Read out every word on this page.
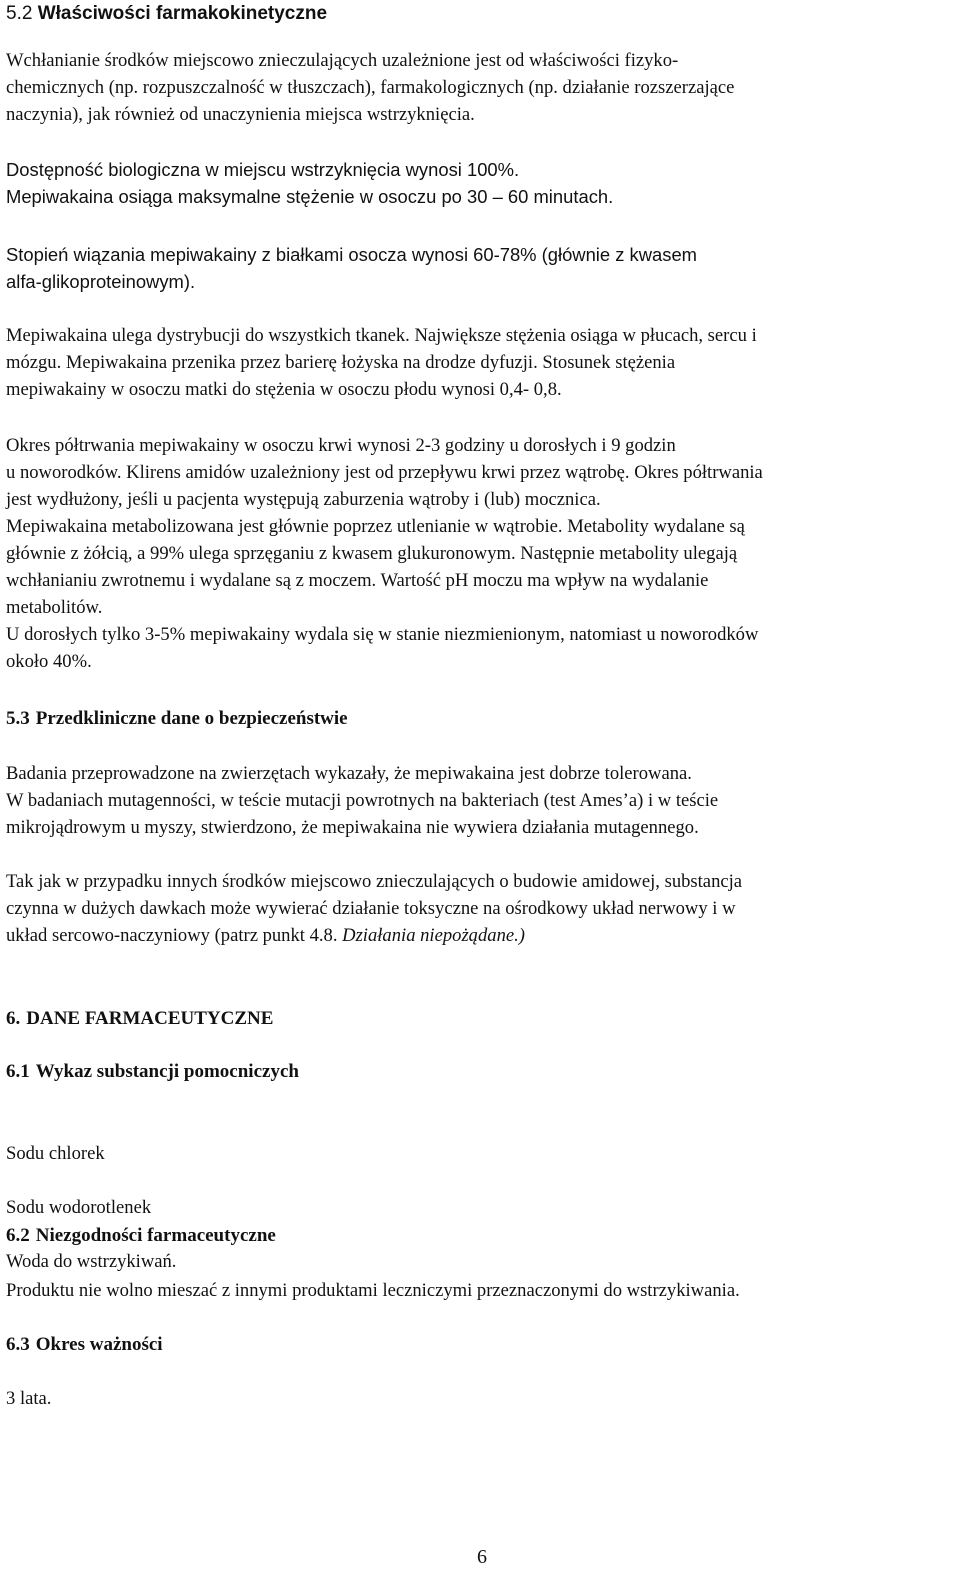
5.2 Właściwości farmakokinetyczne

Wchłanianie środków miejscowo znieczulających uzależnione jest od właściwości fizyko-
chemicznych (np. rozpuszczalność w tłuszczach), farmakologicznych (np. działanie rozszerzające
naczynia), jak również od unaczynienia miejsca wstrzyknięcia.

Dostępność biologiczna w miejscu wstrzyknięcia wynosi 100%.
Mepiwakaina osiąga maksymalne stężenie w osoczu po 30 – 60 minutach.

Stopień wiązania mepiwakainy z białkami osocza wynosi 60-78% (głównie z kwasem
alfa-glikoproteinowym).

Mepiwakaina ulega dystrybucji do wszystkich tkanek. Największe stężenia osiąga w płucach, sercu i
mózgu. Mepiwakaina przenika przez barierę łożyska na drodze dyfuzji. Stosunek stężenia
mepiwakainy w osoczu matki do stężenia w osoczu płodu wynosi 0,4- 0,8.

Okres półtrwania mepiwakainy w osoczu krwi wynosi 2-3 godziny u dorosłych i 9 godzin
u noworodków. Klirens amidów uzależniony jest od przepływu krwi przez wątrobę. Okres półtrwania
jest wydłużony, jeśli u pacjenta występują zaburzenia wątroby i (lub) mocznica.
Mepiwakaina metabolizowana jest głównie poprzez utlenianie w wątrobie. Metabolity wydalane są
głównie z żółcią, a 99% ulega sprzęganiu z kwasem glukuronowym. Następnie metabolity ulegają
wchłanianiu zwrotnemu i wydalane są z moczem. Wartość pH moczu ma wpływ na wydalanie
metabolitów.
U dorosłych tylko 3-5% mepiwakainy wydala się w stanie niezmienionym, natomiast u noworodków
około 40%.

5.3 Przedkliniczne dane o bezpieczeństwie

Badania przeprowadzone na zwierzętach wykazały, że mepiwakaina jest dobrze tolerowana.
W badaniach mutagenności, w teście mutacji powrotnych na bakteriach (test Ames’a) i w teście
mikrojądrowym u myszy, stwierdzono, że mepiwakaina nie wywiera działania mutagennego.

Tak jak w przypadku innych środków miejscowo znieczulających o budowie amidowej, substancja
czynna w dużych dawkach może wywierać działanie toksyczne na ośrodkowy układ nerwowy i w
układ sercowo-naczyniowy (patrz punkt 4.8. Działania niepożądane.)

6. DANE FARMACEUTYCZNE
6.1 Wykaz substancji pomocniczych

Sodu chlorek

Sodu wodorotlenek

Woda do wstrzykiwań.

6.2 Niezgodności farmaceutyczne

Produktu nie wolno mieszać z innymi produktami leczniczymi przeznaczonymi do wstrzykiwania.

6.3 Okres ważności

3 lata.

6
